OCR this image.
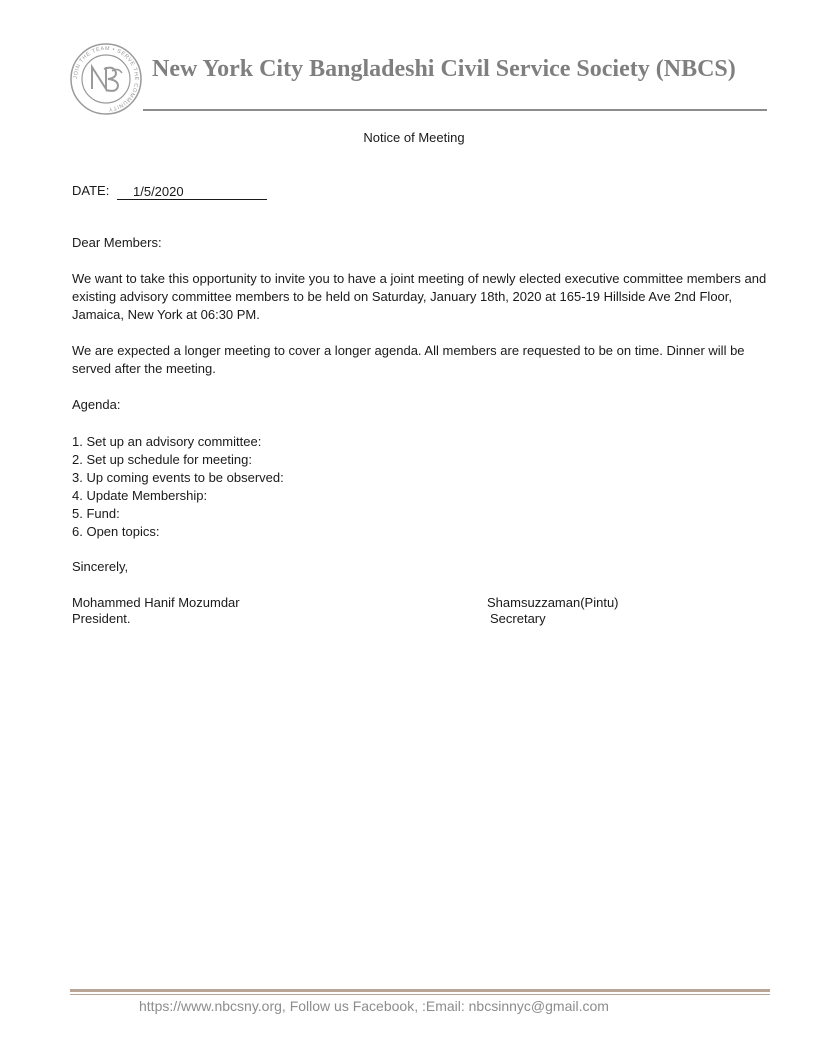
JOIN THE TEAM • SERVE THE COMMUNITY
New York City Bangladeshi Civil Service Society (NBCS)
Notice of Meeting
DATE:	1/5/2020
Dear Members:
We want to take this opportunity to invite you to have a joint meeting of newly elected executive committee members and existing advisory committee members to be held on Saturday, January 18th, 2020 at 165-19 Hillside Ave 2nd Floor, Jamaica, New York at 06:30 PM.
We are expected a longer meeting to cover a longer agenda. All members are requested to be on time. Dinner will be served after the meeting.
Agenda:
1. Set up an advisory committee:
2. Set up schedule for meeting:
3. Up coming events to be observed:
4. Update Membership:
5. Fund:
6. Open topics:
Sincerely,
Mohammed Hanif Mozumdar
President.
Shamsuzzaman(Pintu)
Secretary
https://www.nbcsny.org, Follow us Facebook, :Email: nbcsinnyc@gmail.com
